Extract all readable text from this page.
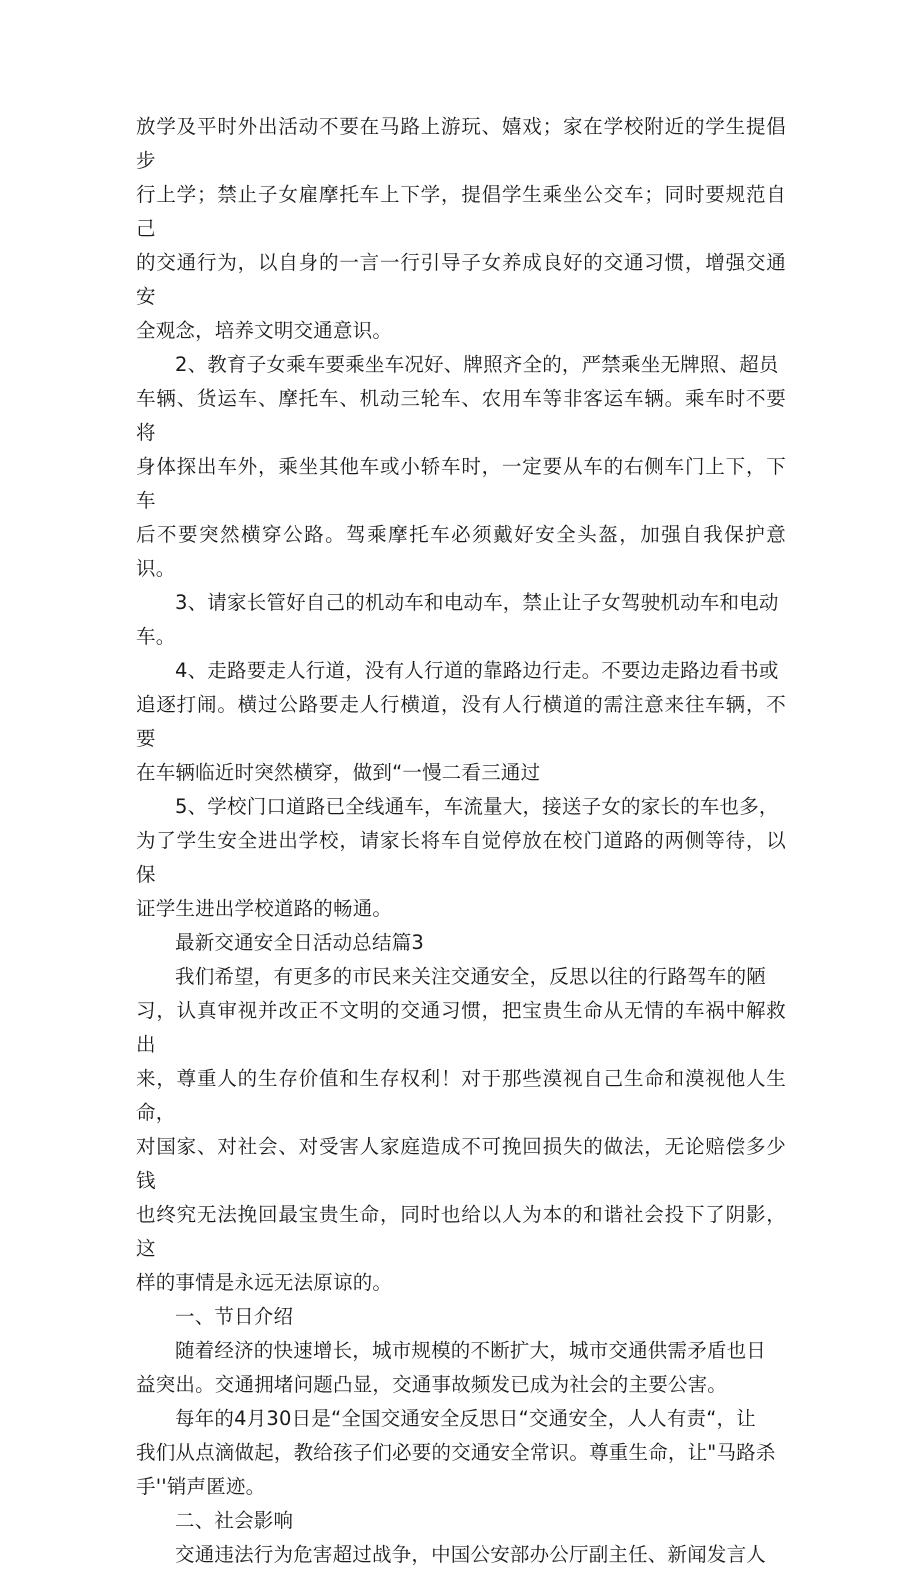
放学及平时外出活动不要在马路上游玩、嬉戏；家在学校附近的学生提倡步
行上学；禁止子女雇摩托车上下学，提倡学生乘坐公交车；同时要规范自己
的交通行为，以自身的一言一行引导子女养成良好的交通习惯，增强交通安
全观念，培养文明交通意识。

2、教育子女乘车要乘坐车况好、牌照齐全的，严禁乘坐无牌照、超员
车辆、货运车、摩托车、机动三轮车、农用车等非客运车辆。乘车时不要将
身体探出车外，乘坐其他车或小轿车时，一定要从车的右侧车门上下，下车
后不要突然横穿公路。驾乘摩托车必须戴好安全头盔，加强自我保护意识。

3、请家长管好自己的机动车和电动车，禁止让子女驾驶机动车和电动
车。

4、走路要走人行道，没有人行道的靠路边行走。不要边走路边看书或
追逐打闹。横过公路要走人行横道，没有人行横道的需注意来往车辆，不要
在车辆临近时突然横穿，做到“一慢二看三通过

5、学校门口道路已全线通车，车流量大，接送子女的家长的车也多，
为了学生安全进出学校，请家长将车自觉停放在校门道路的两侧等待，以保
证学生进出学校道路的畅通。

最新交通安全日活动总结篇3

我们希望，有更多的市民来关注交通安全，反思以往的行路驾车的陋
习，认真审视并改正不文明的交通习惯，把宝贵生命从无情的车祸中解救出
来，尊重人的生存价值和生存权利！对于那些漠视自己生命和漠视他人生命，
对国家、对社会、对受害人家庭造成不可挽回损失的做法，无论赔偿多少钱
也终究无法挽回最宝贵生命，同时也给以人为本的和谐社会投下了阴影，这
样的事情是永远无法原谅的。

一、节日介绍

随着经济的快速增长，城市规模的不断扩大，城市交通供需矛盾也日
益突出。交通拥堵问题凸显，交通事故频发已成为社会的主要公害。

每年的4月30日是“全国交通安全反思日“交通安全，人人有责“，让
我们从点滴做起，教给孩子们必要的交通安全常识。尊重生命，让"马路杀
手''销声匿迹。

二、社会影响

交通违法行为危害超过战争，中国公安部办公厅副主任、新闻发言人
